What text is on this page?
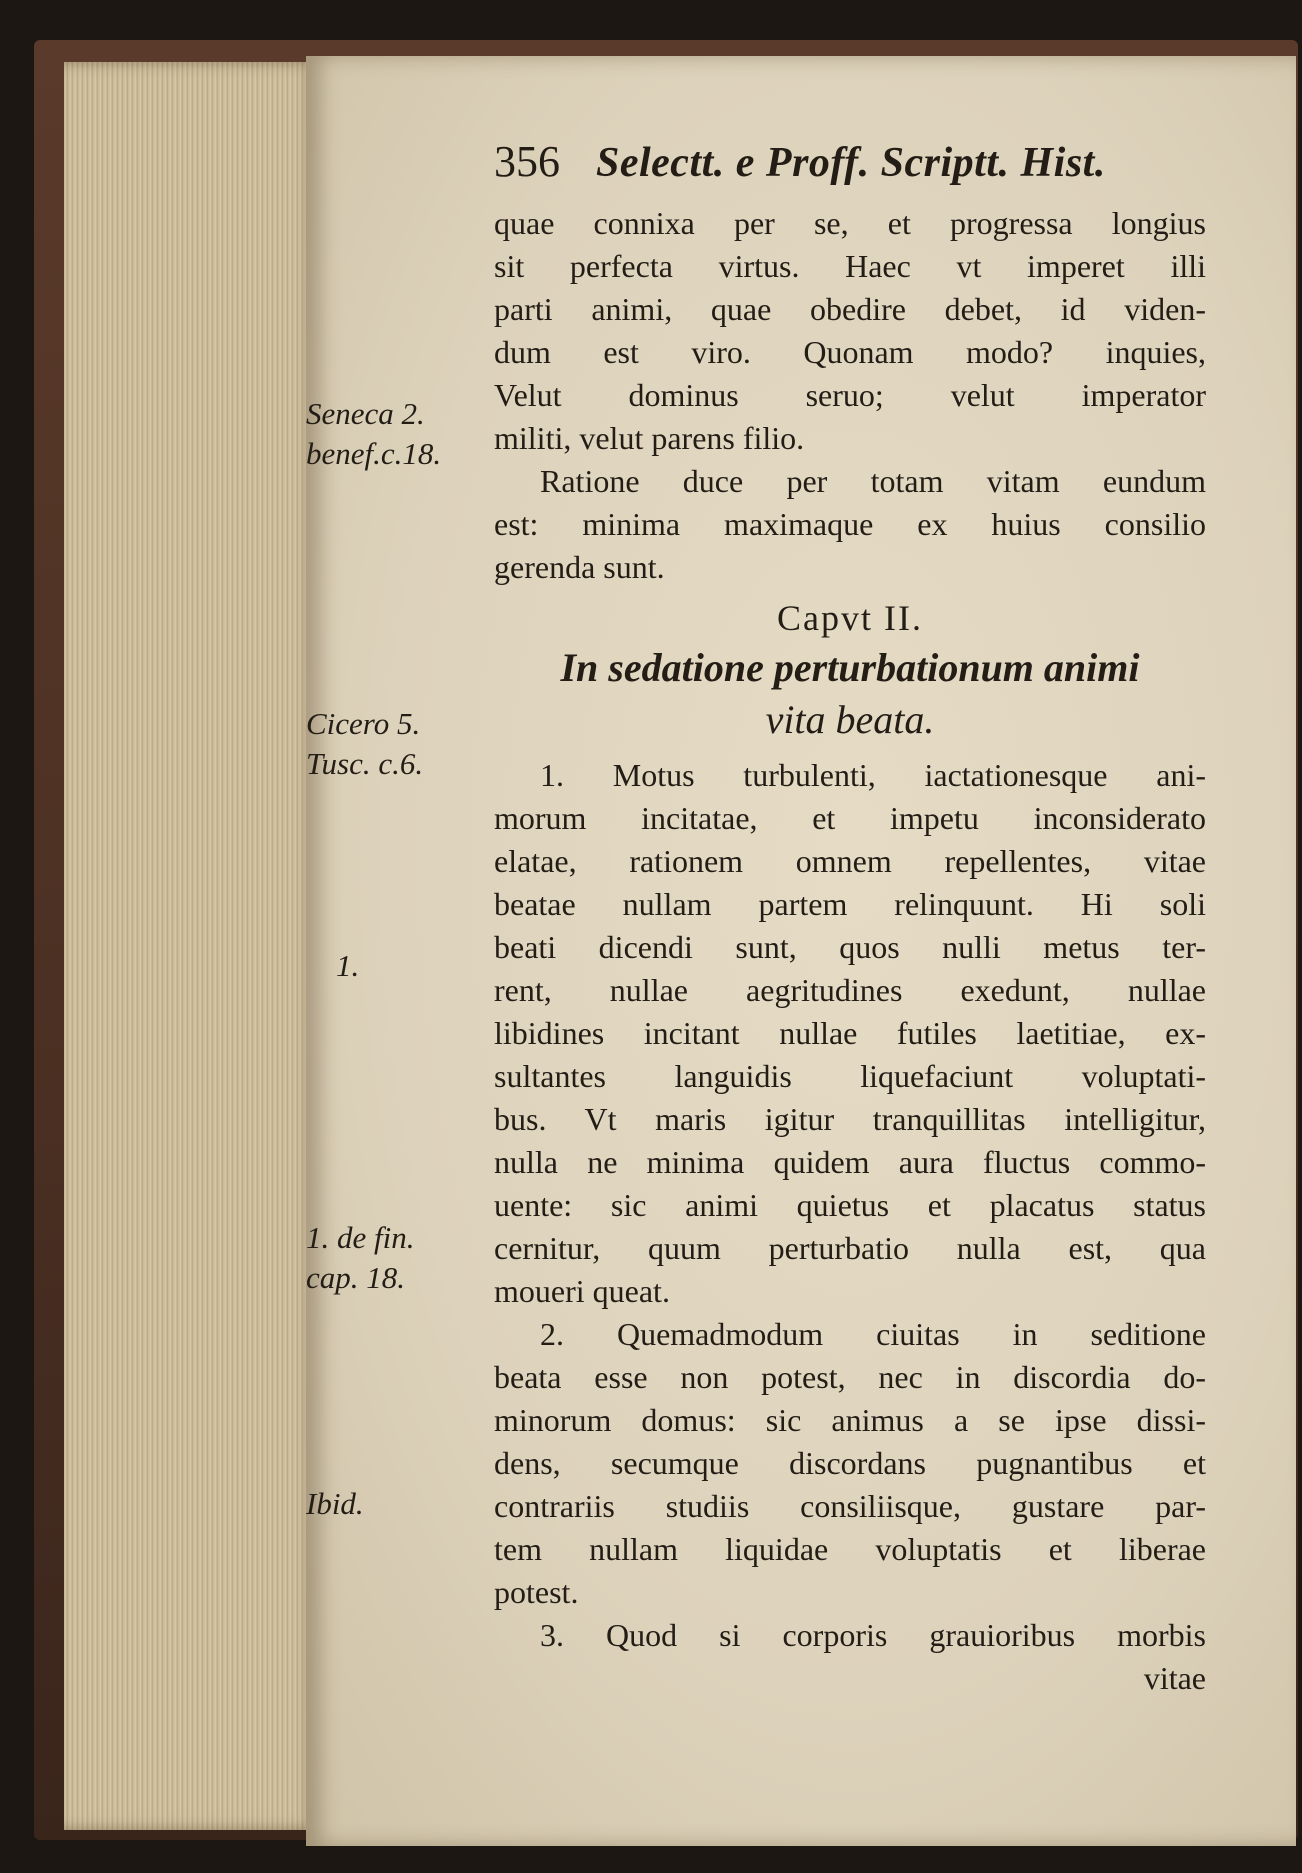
356 Selectt. e Proff. Scriptt. Hist.
Seneca 2.
benef.c.18.
Cicero 5.
Tusc. c.6.
1.
1. de fin.
cap. 18.
Ibid.
quae connixa per se, et progressa longius
sit perfecta virtus. Haec vt imperet illi
parti animi, quae obedire debet, id viden-
dum est viro. Quonam modo? inquies,
Velut dominus seruo; velut imperator
militi, velut parens filio.
Ratione duce per totam vitam eundum
est: minima maximaque ex huius consilio
gerenda sunt.
Capvt II.
In sedatione perturbationum animi
vita beata.
1. Motus turbulenti, iactationesque ani-
morum incitatae, et impetu inconsiderato
elatae, rationem omnem repellentes, vitae
beatae nullam partem relinquunt. Hi soli
beati dicendi sunt, quos nulli metus ter-
rent, nullae aegritudines exedunt, nullae
libidines incitant nullae futiles laetitiae, ex-
sultantes languidis liquefaciunt voluptati-
bus. Vt maris igitur tranquillitas intelligitur,
nulla ne minima quidem aura fluctus commo-
uente: sic animi quietus et placatus status
cernitur, quum perturbatio nulla est, qua
moueri queat.
2. Quemadmodum ciuitas in seditione
beata esse non potest, nec in discordia do-
minorum domus: sic animus a se ipse dissi-
dens, secumque discordans pugnantibus et
contrariis studiis consiliisque, gustare par-
tem nullam liquidae voluptatis et liberae
potest.
3. Quod si corporis grauioribus morbis
vitae
